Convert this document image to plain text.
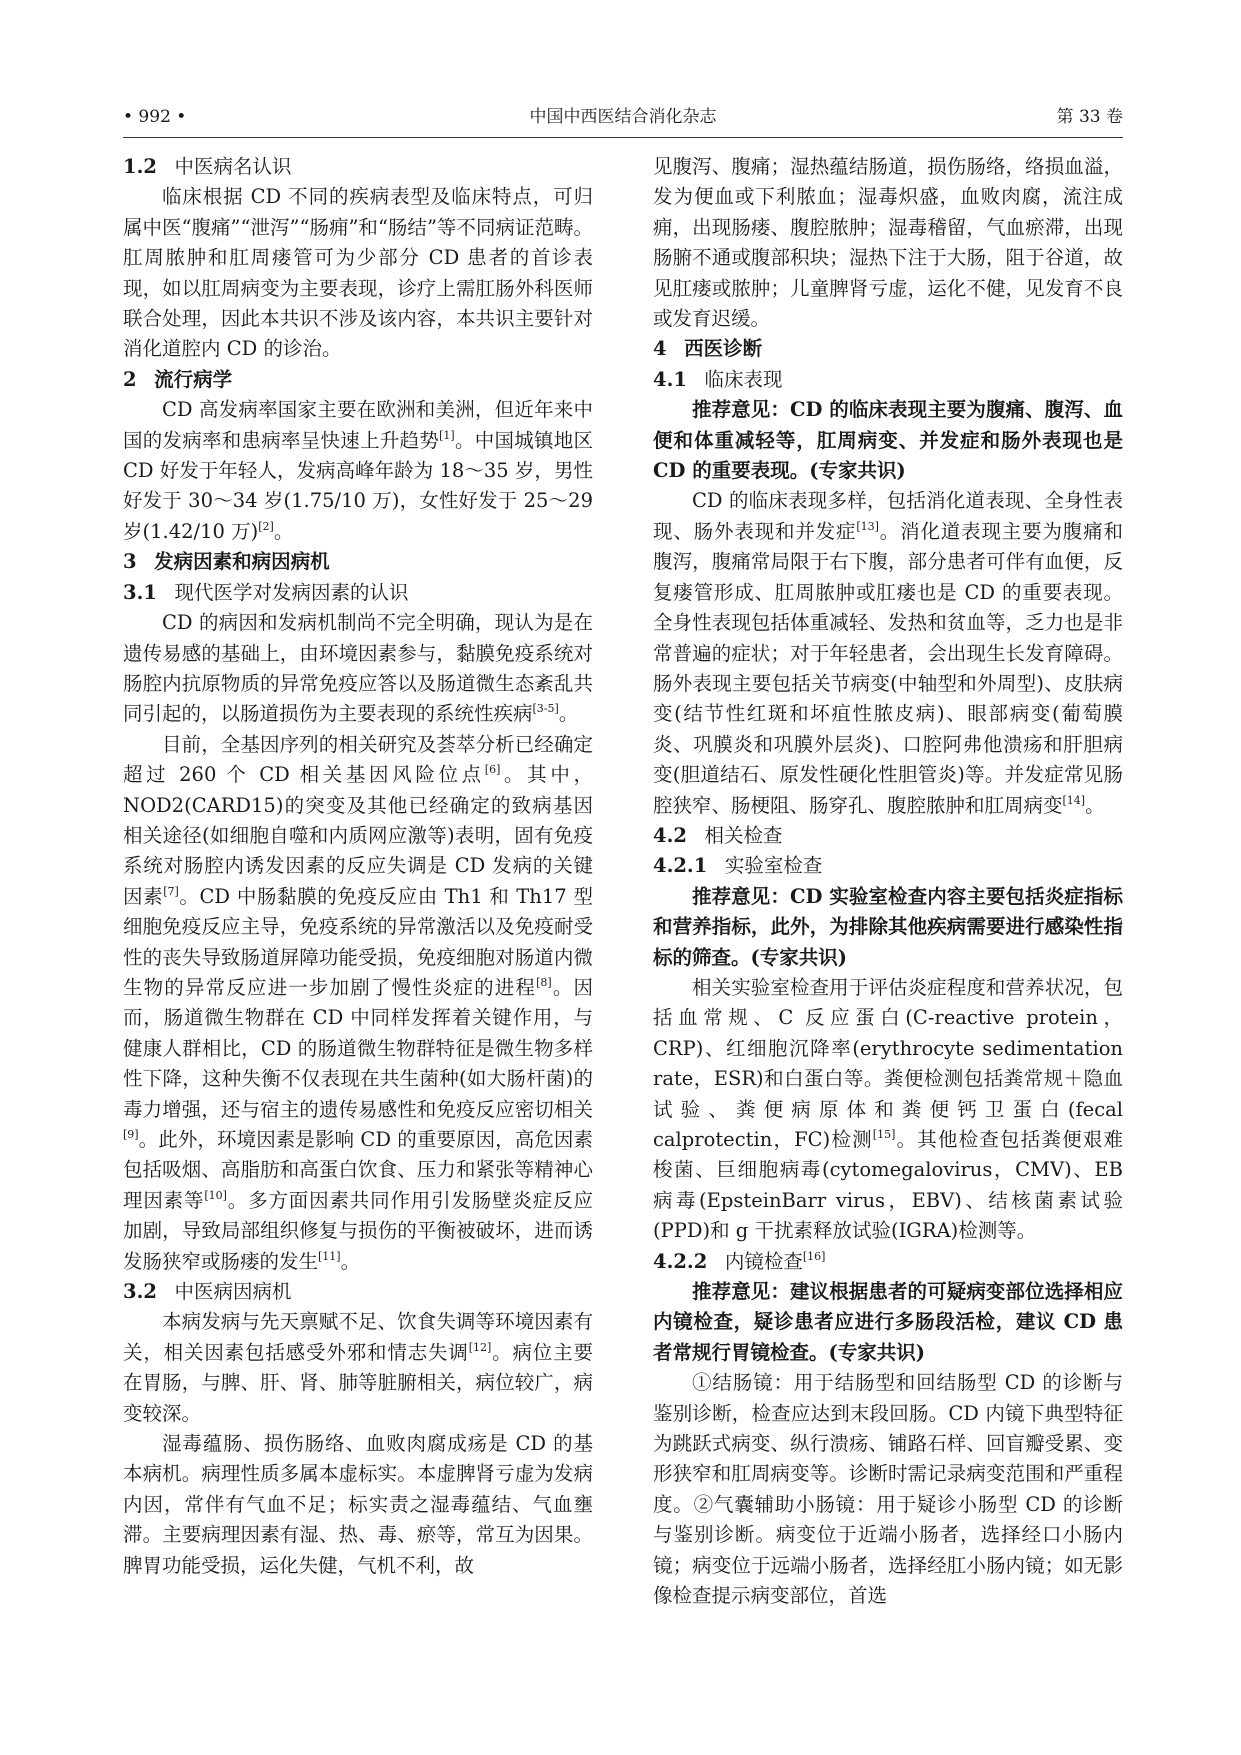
• 992 •	中国中西医结合消化杂志	第 33 卷
1.2 中医病名认识

临床根据 CD 不同的疾病表型及临床特点，可归属中医“腹痛”“泄泻”“肠痈”和“肠结”等不同病证范畴。肛周脓肿和肛周瘘管可为少部分 CD 患者的首诊表现，如以肛周病变为主要表现，诊疗上需肛肠外科医师联合处理，因此本共识不涉及该内容，本共识主要针对消化道腔内 CD 的诊治。

2 流行病学

CD 高发病率国家主要在欧洲和美洲，但近年来中国的发病率和患病率呈快速上升趋势[1]。中国城镇地区 CD 好发于年轻人，发病高峰年龄为 18～35 岁，男性好发于 30～34 岁(1.75/10 万)，女性好发于 25～29 岁(1.42/10 万)[2]。

3 发病因素和病因病机
3.1 现代医学对发病因素的认识

CD 的病因和发病机制尚不完全明确，现认为是在遗传易感的基础上，由环境因素参与，黏膜免疫系统对肠腔内抗原物质的异常免疫应答以及肠道微生态紊乱共同引起的，以肠道损伤为主要表现的系统性疾病[3-5]。

目前，全基因序列的相关研究及荟萃分析已经确定超过 260 个 CD 相关基因风险位点[6]。其中，NOD2(CARD15)的突变及其他已经确定的致病基因相关途径(如细胞自噬和内质网应激等)表明，固有免疫系统对肠腔内诱发因素的反应失调是 CD 发病的关键因素[7]。CD 中肠黏膜的免疫反应由 Th1 和 Th17 型细胞免疫反应主导，免疫系统的异常激活以及免疫耐受性的丧失导致肠道屏障功能受损，免疫细胞对肠道内微生物的异常反应进一步加剧了慢性炎症的进程[8]。因而，肠道微生物群在 CD 中同样发挥着关键作用，与健康人群相比，CD 的肠道微生物群特征是微生物多样性下降，这种失衡不仅表现在共生菌种(如大肠杆菌)的毒力增强，还与宿主的遗传易感性和免疫反应密切相关[9]。此外，环境因素是影响 CD 的重要原因，高危因素包括吸烟、高脂肪和高蛋白饮食、压力和紧张等精神心理因素等[10]。多方面因素共同作用引发肠壁炎症反应加剧，导致局部组织修复与损伤的平衡被破坏，进而诱发肠狭窄或肠瘘的发生[11]。

3.2 中医病因病机

本病发病与先天禀赋不足、饮食失调等环境因素有关，相关因素包括感受外邪和情志失调[12]。病位主要在胃肠，与脾、肝、肾、肺等脏腑相关，病位较广，病变较深。

湿毒蕴肠、损伤肠络、血败肉腐成疡是 CD 的基本病机。病理性质多属本虚标实。本虚脾肾亏虚为发病内因，常伴有气血不足；标实责之湿毒蕴结、气血壅滞。主要病理因素有湿、热、毒、瘀等，常互为因果。脾胃功能受损，运化失健，气机不利，故

见腹泻、腹痛；湿热蕴结肠道，损伤肠络，络损血溢，发为便血或下利脓血；湿毒炽盛，血败肉腐，流注成痈，出现肠瘘、腹腔脓肿；湿毒稽留，气血瘀滞，出现肠腑不通或腹部积块；湿热下注于大肠，阻于谷道，故见肛瘘或脓肿；儿童脾肾亏虚，运化不健，见发育不良或发育迟缓。

4 西医诊断
4.1 临床表现

推荐意见：CD 的临床表现主要为腹痛、腹泻、血便和体重减轻等，肛周病变、并发症和肠外表现也是 CD 的重要表现。(专家共识)

CD 的临床表现多样，包括消化道表现、全身性表现、肠外表现和并发症[13]。消化道表现主要为腹痛和腹泻，腹痛常局限于右下腹，部分患者可伴有血便，反复瘘管形成、肛周脓肿或肛瘘也是 CD 的重要表现。全身性表现包括体重减轻、发热和贫血等，乏力也是非常普遍的症状；对于年轻患者，会出现生长发育障碍。肠外表现主要包括关节病变(中轴型和外周型)、皮肤病变(结节性红斑和坏疽性脓皮病)、眼部病变(葡萄膜炎、巩膜炎和巩膜外层炎)、口腔阿弗他溃疡和肝胆病变(胆道结石、原发性硬化性胆管炎)等。并发症常见肠腔狭窄、肠梗阻、肠穿孔、腹腔脓肿和肛周病变[14]。

4.2 相关检查
4.2.1 实验室检查

推荐意见：CD 实验室检查内容主要包括炎症指标和营养指标，此外，为排除其他疾病需要进行感染性指标的筛查。(专家共识)

相关实验室检查用于评估炎症程度和营养状况，包括血常规、C 反应蛋白(C-reactive protein，CRP)、红细胞沉降率(erythrocyte sedimentation rate，ESR)和白蛋白等。粪便检测包括粪常规＋隐血试验、粪便病原体和粪便钙卫蛋白(fecal calprotectin，FC)检测[15]。其他检查包括粪便艰难梭菌、巨细胞病毒(cytomegalovirus，CMV)、EB 病毒(EpsteinBarr virus，EBV)、结核菌素试验(PPD)和 g 干扰素释放试验(IGRA)检测等。

4.2.2 内镜检查[16]

推荐意见：建议根据患者的可疑病变部位选择相应内镜检查，疑诊患者应进行多肠段活检，建议 CD 患者常规行胃镜检查。(专家共识)

①结肠镜：用于结肠型和回结肠型 CD 的诊断与鉴别诊断，检查应达到末段回肠。CD 内镜下典型特征为跳跃式病变、纵行溃疡、铺路石样、回盲瓣受累、变形狭窄和肛周病变等。诊断时需记录病变范围和严重程度。②气囊辅助小肠镜：用于疑诊小肠型 CD 的诊断与鉴别诊断。病变位于近端小肠者，选择经口小肠内镜；病变位于远端小肠者，选择经肛小肠内镜；如无影像检查提示病变部位，首选
